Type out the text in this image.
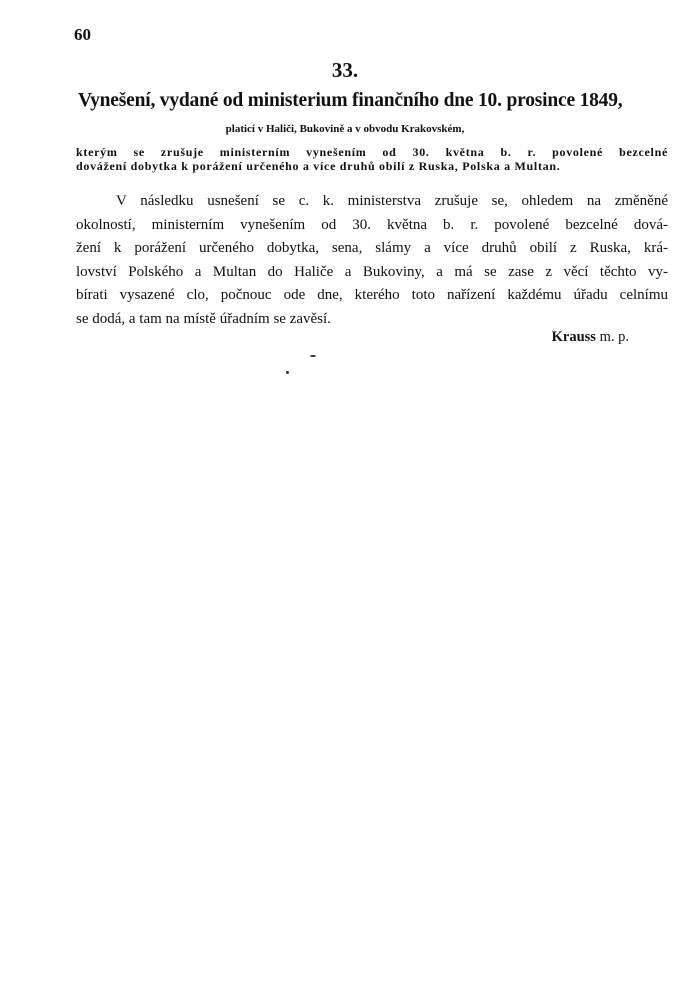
60
33.
Vynešení, vydané od ministerium finančního dne 10. prosince 1849,
platicí v Haliči, Bukovině a v obvodu Krakovském,
kterým se zrušuje ministerním vynešením od 30. května b. r. povolené bezcelné
dovážení dobytka k porážení určeného a více druhů obilí z Ruska, Polska a Multan.
V následku usnešení se c. k. ministerstva zrušuje se, ohledem na změněné
okolností, ministerním vynešením od 30. května b. r. povolené bezcelné dová-
žení k porážení určeného dobytka, sena, slámy a více druhů obilí z Ruska, krá-
lovství Polského a Multan do Haliče a Bukoviny, a má se zase z věcí těchto vy-
bírati vysazené clo, počnouc ode dne, kterého toto nařízení každému úřadu celnímu
se dodá, a tam na místě úřadním se zavěsí.
Krauss m. p.
